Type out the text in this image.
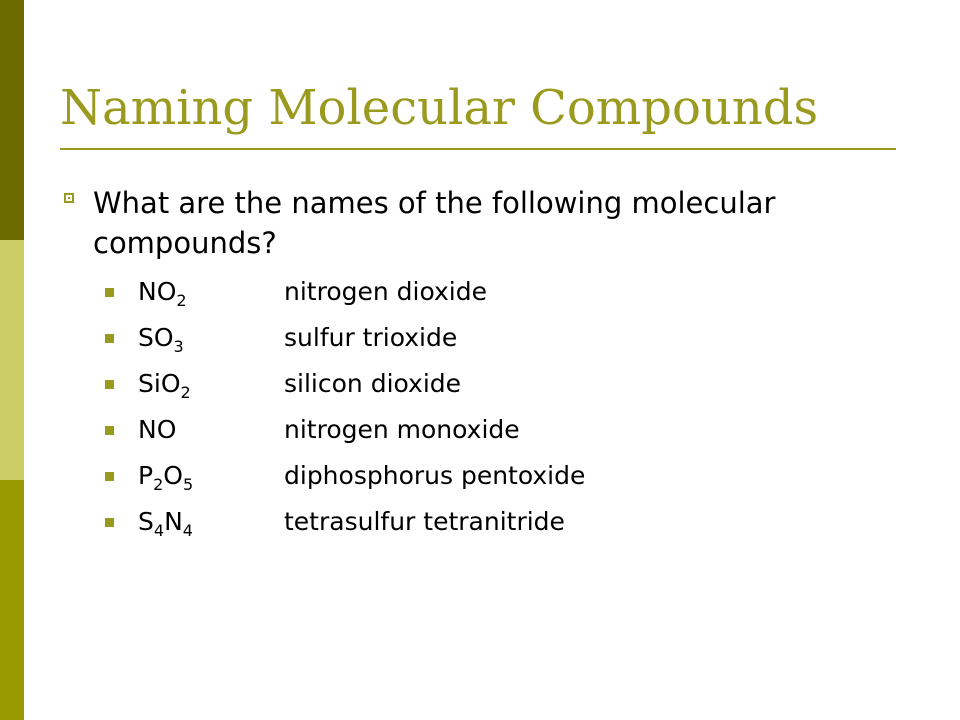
Naming Molecular Compounds
What are the names of the following molecular compounds?
$NO_2$	nitrogen dioxide
$SO_3$	sulfur trioxide
SiO$_2$	silicon dioxide
NO	nitrogen monoxide
$P_2O_5$	diphosphorus pentoxide
$S_4N_4$	tetrasulfur tetranitride
